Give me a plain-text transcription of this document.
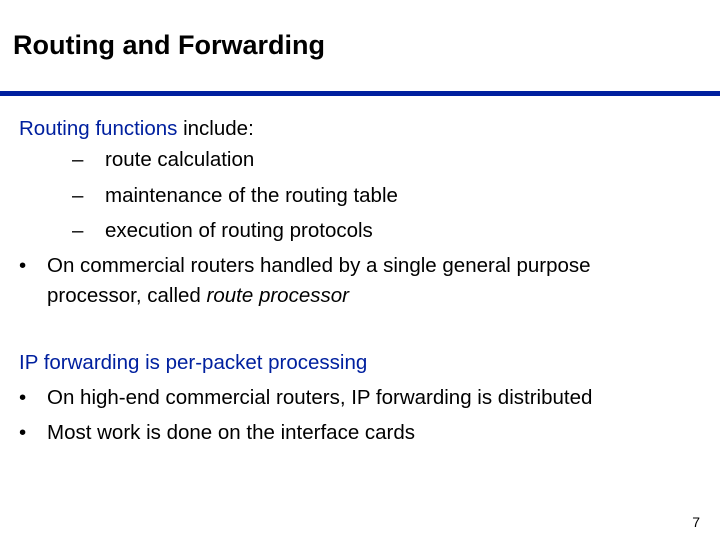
Routing and Forwarding
Routing functions include:
– route calculation
– maintenance of the routing table
– execution of routing protocols
• On commercial routers handled by a single general purpose
processor, called route processor
IP forwarding is per-packet processing
• On high-end commercial routers, IP forwarding is distributed
• Most work is done on the interface cards
7
